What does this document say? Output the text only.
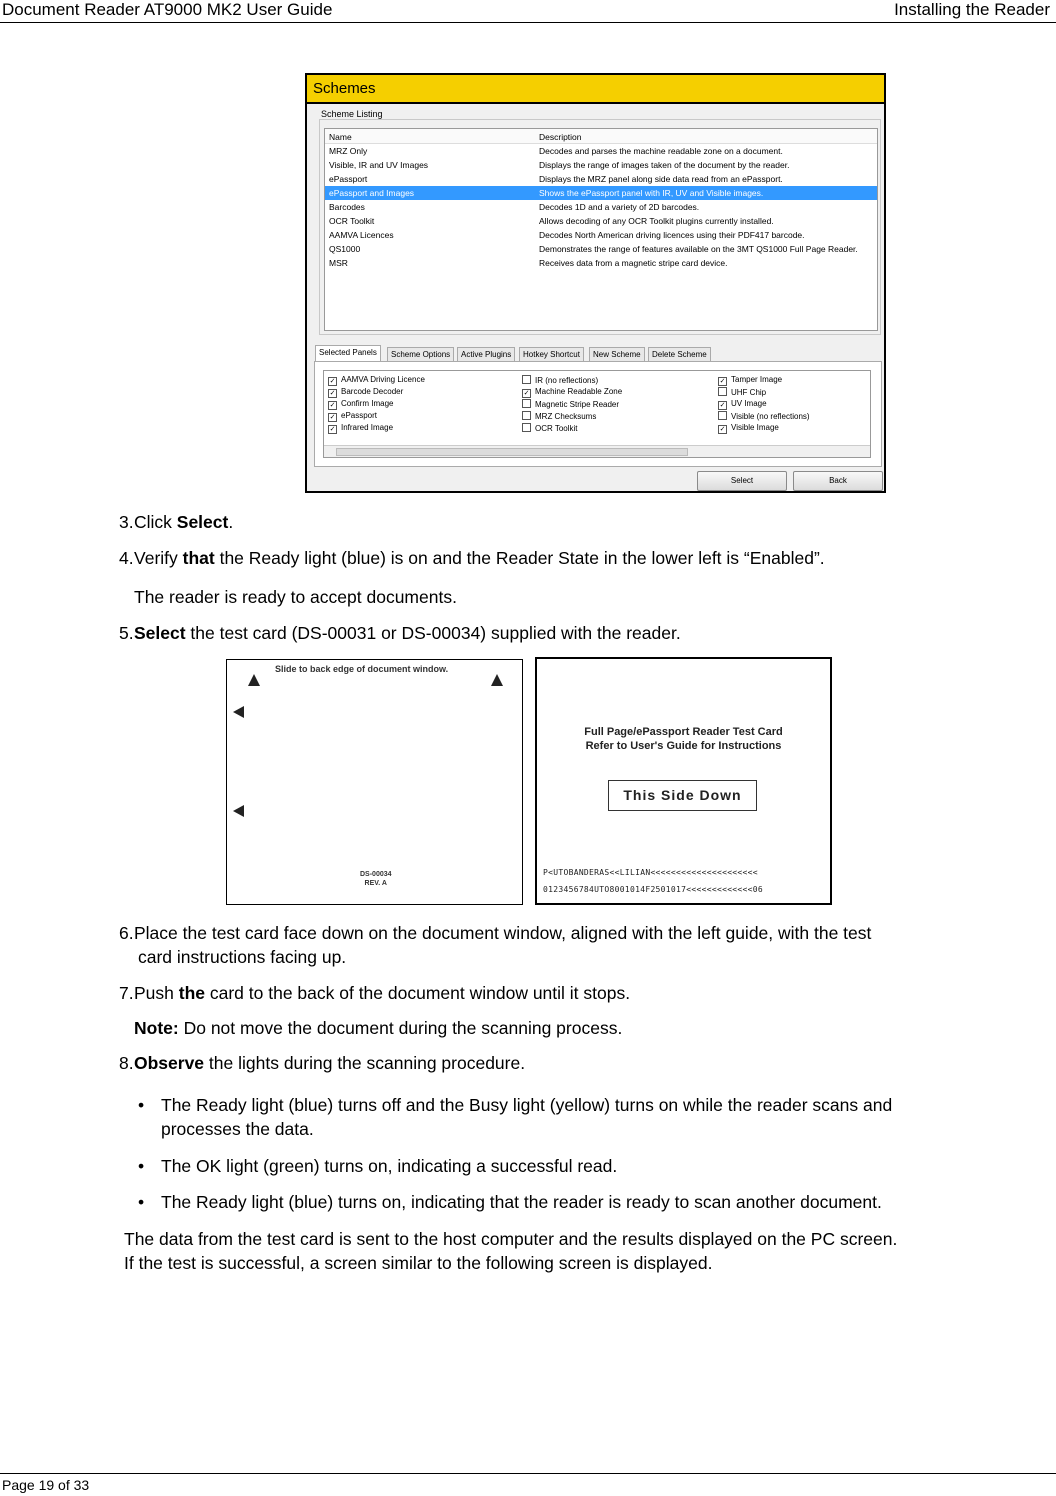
Document Reader AT9000 MK2 User Guide	Installing the Reader
Schemes
Scheme Listing
Name	Description
MRZ Only	Decodes and parses the machine readable zone on a document.
Visible, IR and UV Images	Displays the range of images taken of the document by the reader.
ePassport	Displays the MRZ panel along side data read from an ePassport.
ePassport and Images	Shows the ePassport panel with IR, UV and Visible images.
Barcodes	Decodes 1D and a variety of 2D barcodes.
OCR Toolkit	Allows decoding of any OCR Toolkit plugins currently installed.
AAMVA Licences	Decodes North American driving licences using their PDF417 barcode.
QS1000	Demonstrates the range of features available on the 3MT QS1000 Full Page Reader.
MSR	Receives data from a magnetic stripe card device.
Selected Panels	Scheme Options	Active Plugins	Hotkey Shortcut	New Scheme	Delete Scheme
✓ AAMVA Driving Licence
✓ Barcode Decoder
✓ Confirm Image
✓ ePassport
✓ Infrared Image
IR (no reflections)
✓ Machine Readable Zone
Magnetic Stripe Reader
MRZ Checksums
OCR Toolkit
✓ Tamper Image
UHF Chip
✓ UV Image
Visible (no reflections)
✓ Visible Image
Select	Back
3. Click Select.
4. Verify that the Ready light (blue) is on and the Reader State in the lower left is “Enabled”.
The reader is ready to accept documents.
5. Select the test card (DS-00031 or DS-00034) supplied with the reader.
Slide to back edge of document window.
DS-00034
REV. A
Full Page/ePassport Reader Test Card
Refer to User's Guide for Instructions
This Side Down
P<UTOBANDERAS<<LILIAN<<<<<<<<<<<<<<<<<<<<<
0123456784UTO8001014F2501017<<<<<<<<<<<<<06
6. Place the test card face down on the document window, aligned with the left guide, with the test
card instructions facing up.
7. Push the card to the back of the document window until it stops.
Note: Do not move the document during the scanning process.
8. Observe the lights during the scanning procedure.
• The Ready light (blue) turns off and the Busy light (yellow) turns on while the reader scans and
processes the data.
• The OK light (green) turns on, indicating a successful read.
• The Ready light (blue) turns on, indicating that the reader is ready to scan another document.
The data from the test card is sent to the host computer and the results displayed on the PC screen.
If the test is successful, a screen similar to the following screen is displayed.
Page 19 of 33
